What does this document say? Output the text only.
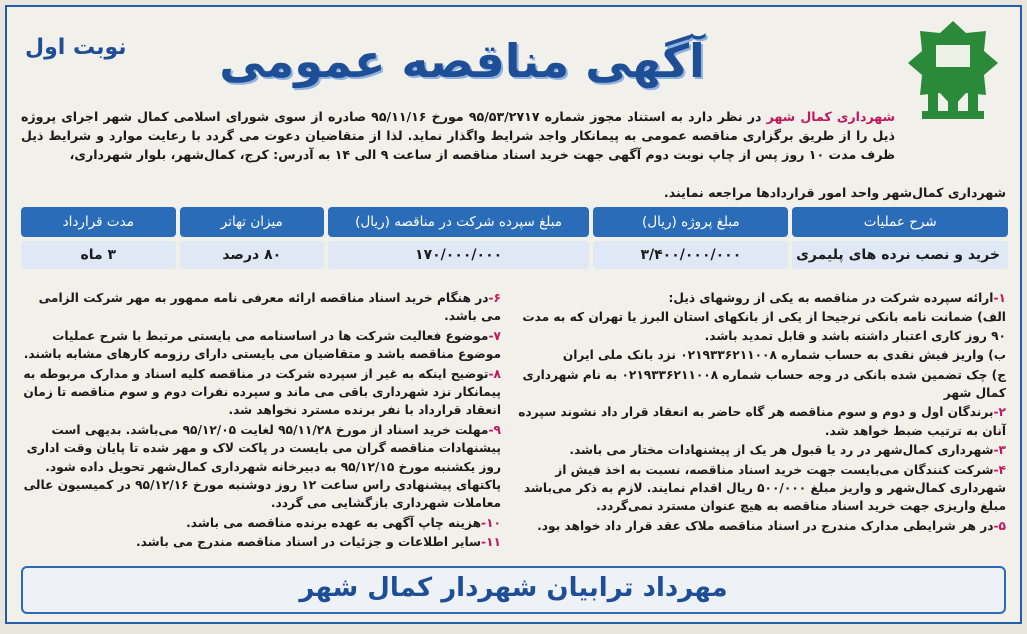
آگهی مناقصه عمومی
نوبت اول
شهرداری کمال شهر در نظر دارد به استناد مجوز شماره ۹۵/۵۳/۲۷۱۷ مورخ ۹۵/۱۱/۱۶ صادره از سوی شورای اسلامی کمال شهر اجرای پروژه ذیل را از طریق برگزاری مناقصه عمومی به پیمانکار واجد شرایط واگذار نماید. لذا از متقاضیان دعوت می گردد با رعایت موارد و شرایط ذیل ظرف مدت ۱۰ روز پس از چاپ نوبت دوم آگهی جهت خرید اسناد مناقصه از ساعت ۹ الی ۱۴ به آدرس: کرج، کمال‌شهر، بلوار شهرداری،
شهرداری کمال‌شهر واحد امور قراردادها مراجعه نمایند.
شرح عملیات	مبلغ پروژه (ریال)	مبلغ سپرده شرکت در مناقصه (ریال)	میزان تهاتر	مدت قرارداد
خرید و نصب نرده های پلیمری	۳/۴۰۰/۰۰۰/۰۰۰	۱۷۰/۰۰۰/۰۰۰	۸۰ درصد	۳ ماه

۱-ارائه سپرده شرکت در مناقصه به یکی از روشهای ذیل:

الف) ضمانت نامه بانکی ترجیحا از یکی از بانکهای استان البرز یا تهران که به مدت ۹۰ روز کاری اعتبار داشته باشد و قابل تمدید باشد.

ب) واریز فیش نقدی به حساب شماره ۰۲۱۹۳۳۶۲۱۱۰۰۸ نزد بانک ملی ایران

ج) چک تضمین شده بانکی در وجه حساب شماره ۰۲۱۹۳۳۶۲۱۱۰۰۸ به نام شهرداری کمال شهر

۲-برندگان اول و دوم و سوم مناقصه هر گاه حاضر به انعقاد قرار داد نشوند سپرده آنان به ترتیب ضبط خواهد شد.

۳-شهرداری کمال‌شهر در رد یا قبول هر یک از پیشنهادات مختار می باشد.

۴-شرکت کنندگان می‌بایست جهت خرید اسناد مناقصه، نسبت به اخذ فیش از شهرداری کمال‌شهر و واریز مبلغ ۵۰۰/۰۰۰ ریال اقدام نمایند. لازم به ذکر می‌باشد مبلغ واریزی جهت خرید اسناد مناقصه به هیچ عنوان مسترد نمی‌گردد.

۵-در هر شرایطی مدارک مندرج در اسناد مناقصه ملاک عقد قرار داد خواهد بود.

۶-در هنگام خرید اسناد مناقصه ارائه معرفی نامه ممهور به مهر شرکت الزامی می باشد.

۷-موضوع فعالیت شرکت ها در اساسنامه می بایستی مرتبط با شرح عملیات موضوع مناقصه باشد و متقاضیان می بایستی دارای رزومه کارهای مشابه باشند.

۸-توضیح اینکه به غیر از سپرده شرکت در مناقصه کلیه اسناد و مدارک مربوطه به پیمانکار نزد شهرداری باقی می ماند و سپرده نفرات دوم و سوم مناقصه تا زمان انعقاد قرارداد با نفر برنده مسترد نخواهد شد.

۹-مهلت خرید اسناد از مورخ ۹۵/۱۱/۲۸ لغایت ۹۵/۱۲/۰۵ می‌باشد. بدیهی است پیشنهادات مناقصه گران می بایست در پاکت لاک و مهر شده تا پایان وقت اداری روز یکشنبه مورخ ۹۵/۱۲/۱۵ به دبیرخانه شهرداری کمال‌شهر تحویل داده شود. پاکتهای پیشنهادی راس ساعت ۱۲ روز دوشنبه مورخ ۹۵/۱۲/۱۶ در کمیسیون عالی معاملات شهرداری بازگشایی می گردد.

۱۰-هزینه چاپ آگهی به عهده برنده مناقصه می باشد.

۱۱-سایر اطلاعات و جزئیات در اسناد مناقصه مندرج می باشد.

مهرداد ترابیان شهردار کمال شهر
